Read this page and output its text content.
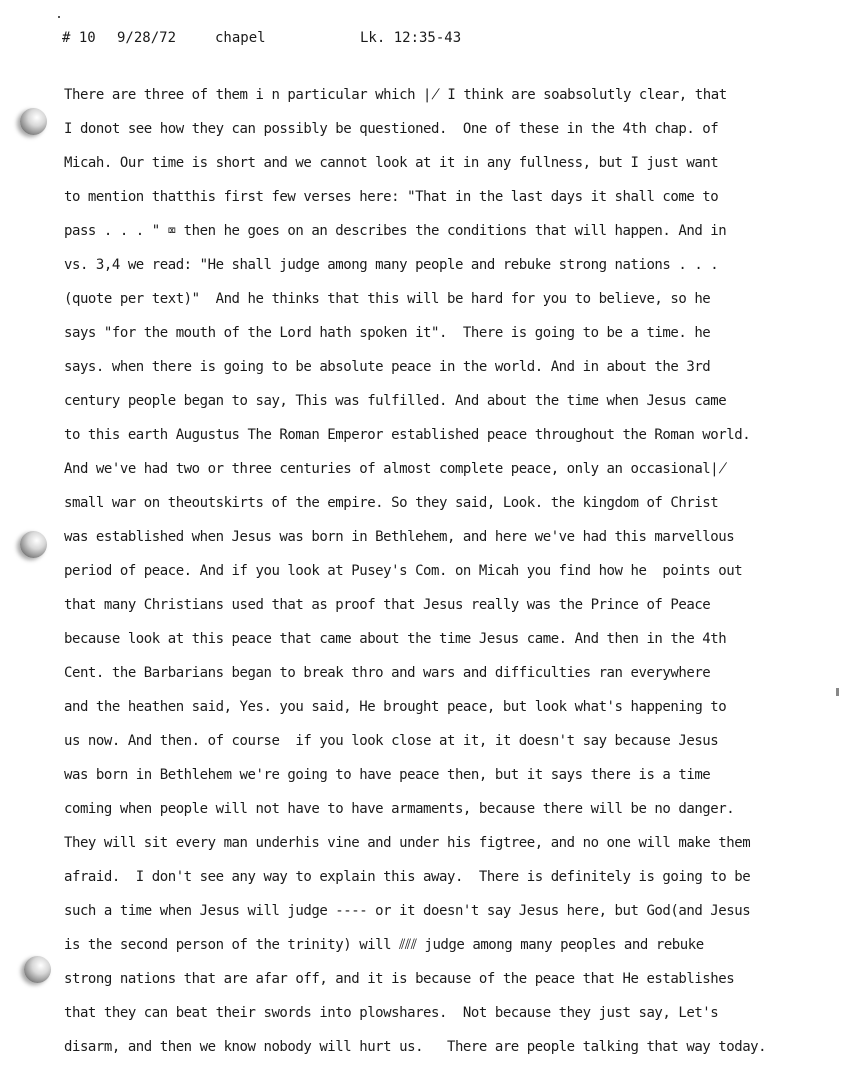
# 10 9/28/72	chapel	Lk. 12:35-43
There are three of them i n particular which ∤ I think are soabsolutly clear, that
I donot see how they can possibly be questioned.  One of these in the 4th chap. of
Micah. Our time is short and we cannot look at it in any fullness, but I just want
to mention thatthis first few verses here: "That in the last days it shall come to
pass . . . " ⌧ then he goes on an describes the conditions that will happen. And in
vs. 3,4 we read: "He shall judge among many people and rebuke strong nations . . .
(quote per text)"  And he thinks that this will be hard for you to believe, so he
says "for the mouth of the Lord hath spoken it".  There is going to be a time. he
says. when there is going to be absolute peace in the world. And in about the 3rd
century people began to say, This was fulfilled. And about the time when Jesus came
to this earth Augustus The Roman Emperor established peace throughout the Roman world.
And we've had two or three centuries of almost complete peace, only an occasional∤
small war on theoutskirts of the empire. So they said, Look. the kingdom of Christ
was established when Jesus was born in Bethlehem, and here we've had this marvellous
period of peace. And if you look at Pusey's Com. on Micah you find how he  points out
that many Christians used that as proof that Jesus really was the Prince of Peace
because look at this peace that came about the time Jesus came. And then in the 4th
Cent. the Barbarians began to break thro and wars and difficulties ran everywhere
and the heathen said, Yes. you said, He brought peace, but look what's happening to
us now. And then. of course  if you look close at it, it doesn't say because Jesus
was born in Bethlehem we're going to have peace then, but it says there is a time
coming when people will not have to have armaments, because there will be no danger.
They will sit every man underhis vine and under his figtree, and no one will make them
afraid.  I don't see any way to explain this away.  There is definitely is going to be
such a time when Jesus will judge ---- or it doesn't say Jesus here, but God(and Jesus
is the second person of the trinity) will ⫽⫽⫽ judge among many peoples and rebuke
strong nations that are afar off, and it is because of the peace that He establishes
that they can beat their swords into plowshares.  Not because they just say, Let's
disarm, and then we know nobody will hurt us.   There are people talking that way today.
